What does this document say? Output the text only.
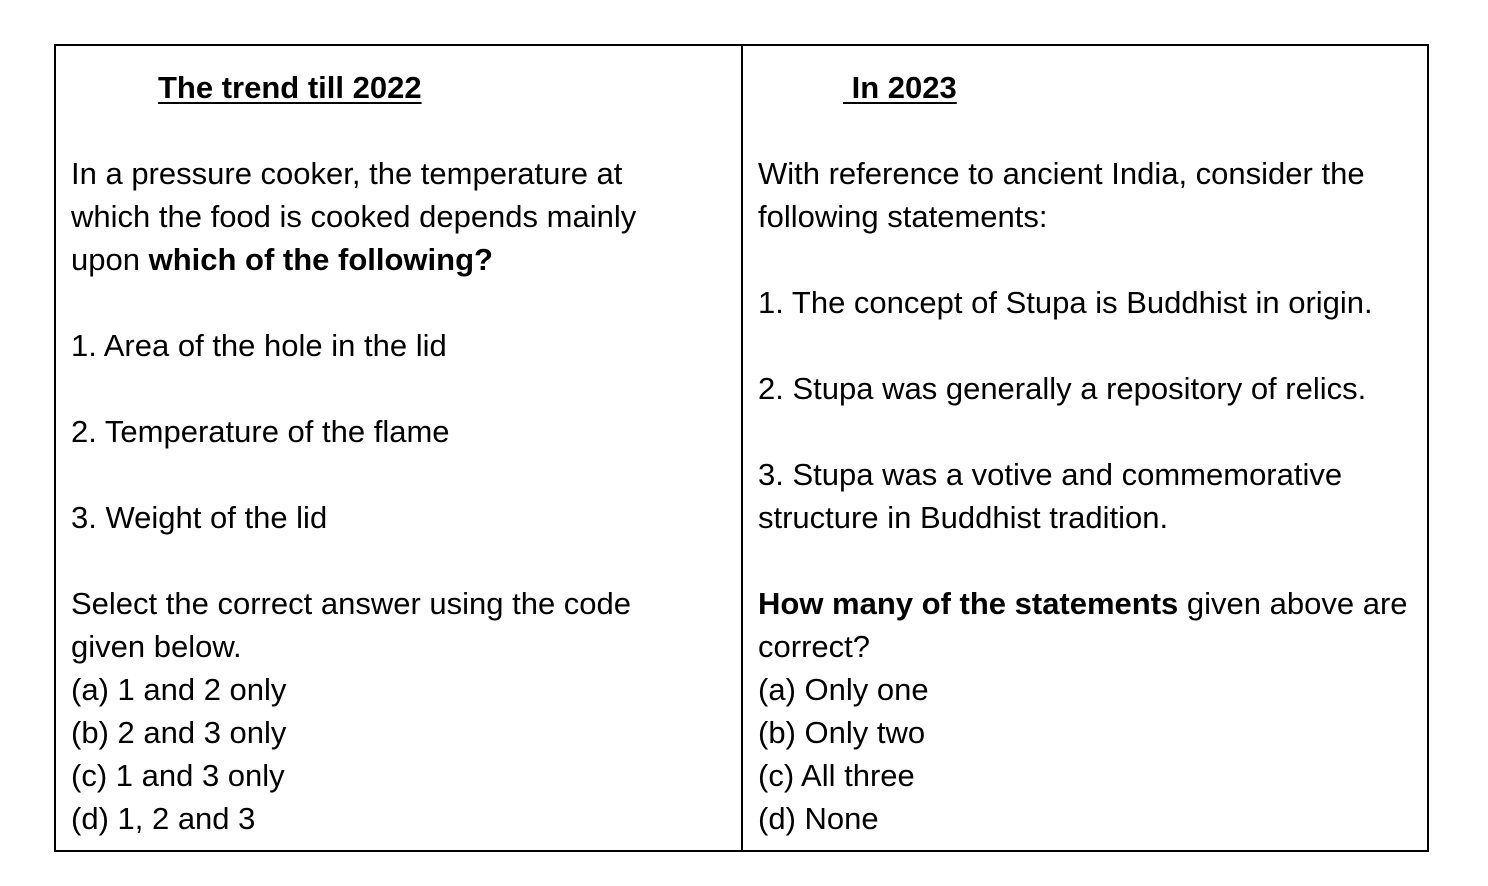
The trend till 2022
In a pressure cooker, the temperature at
which the food is cooked depends mainly
upon which of the following?
1. Area of the hole in the lid
2. Temperature of the flame
3. Weight of the lid
Select the correct answer using the code
given below.
(a) 1 and 2 only
(b) 2 and 3 only
(c) 1 and 3 only
(d) 1, 2 and 3
In 2023
With reference to ancient India, consider the
following statements:
1. The concept of Stupa is Buddhist in origin.
2. Stupa was generally a repository of relics.
3. Stupa was a votive and commemorative
structure in Buddhist tradition.
How many of the statements given above are
correct?
(a) Only one
(b) Only two
(c) All three
(d) None
